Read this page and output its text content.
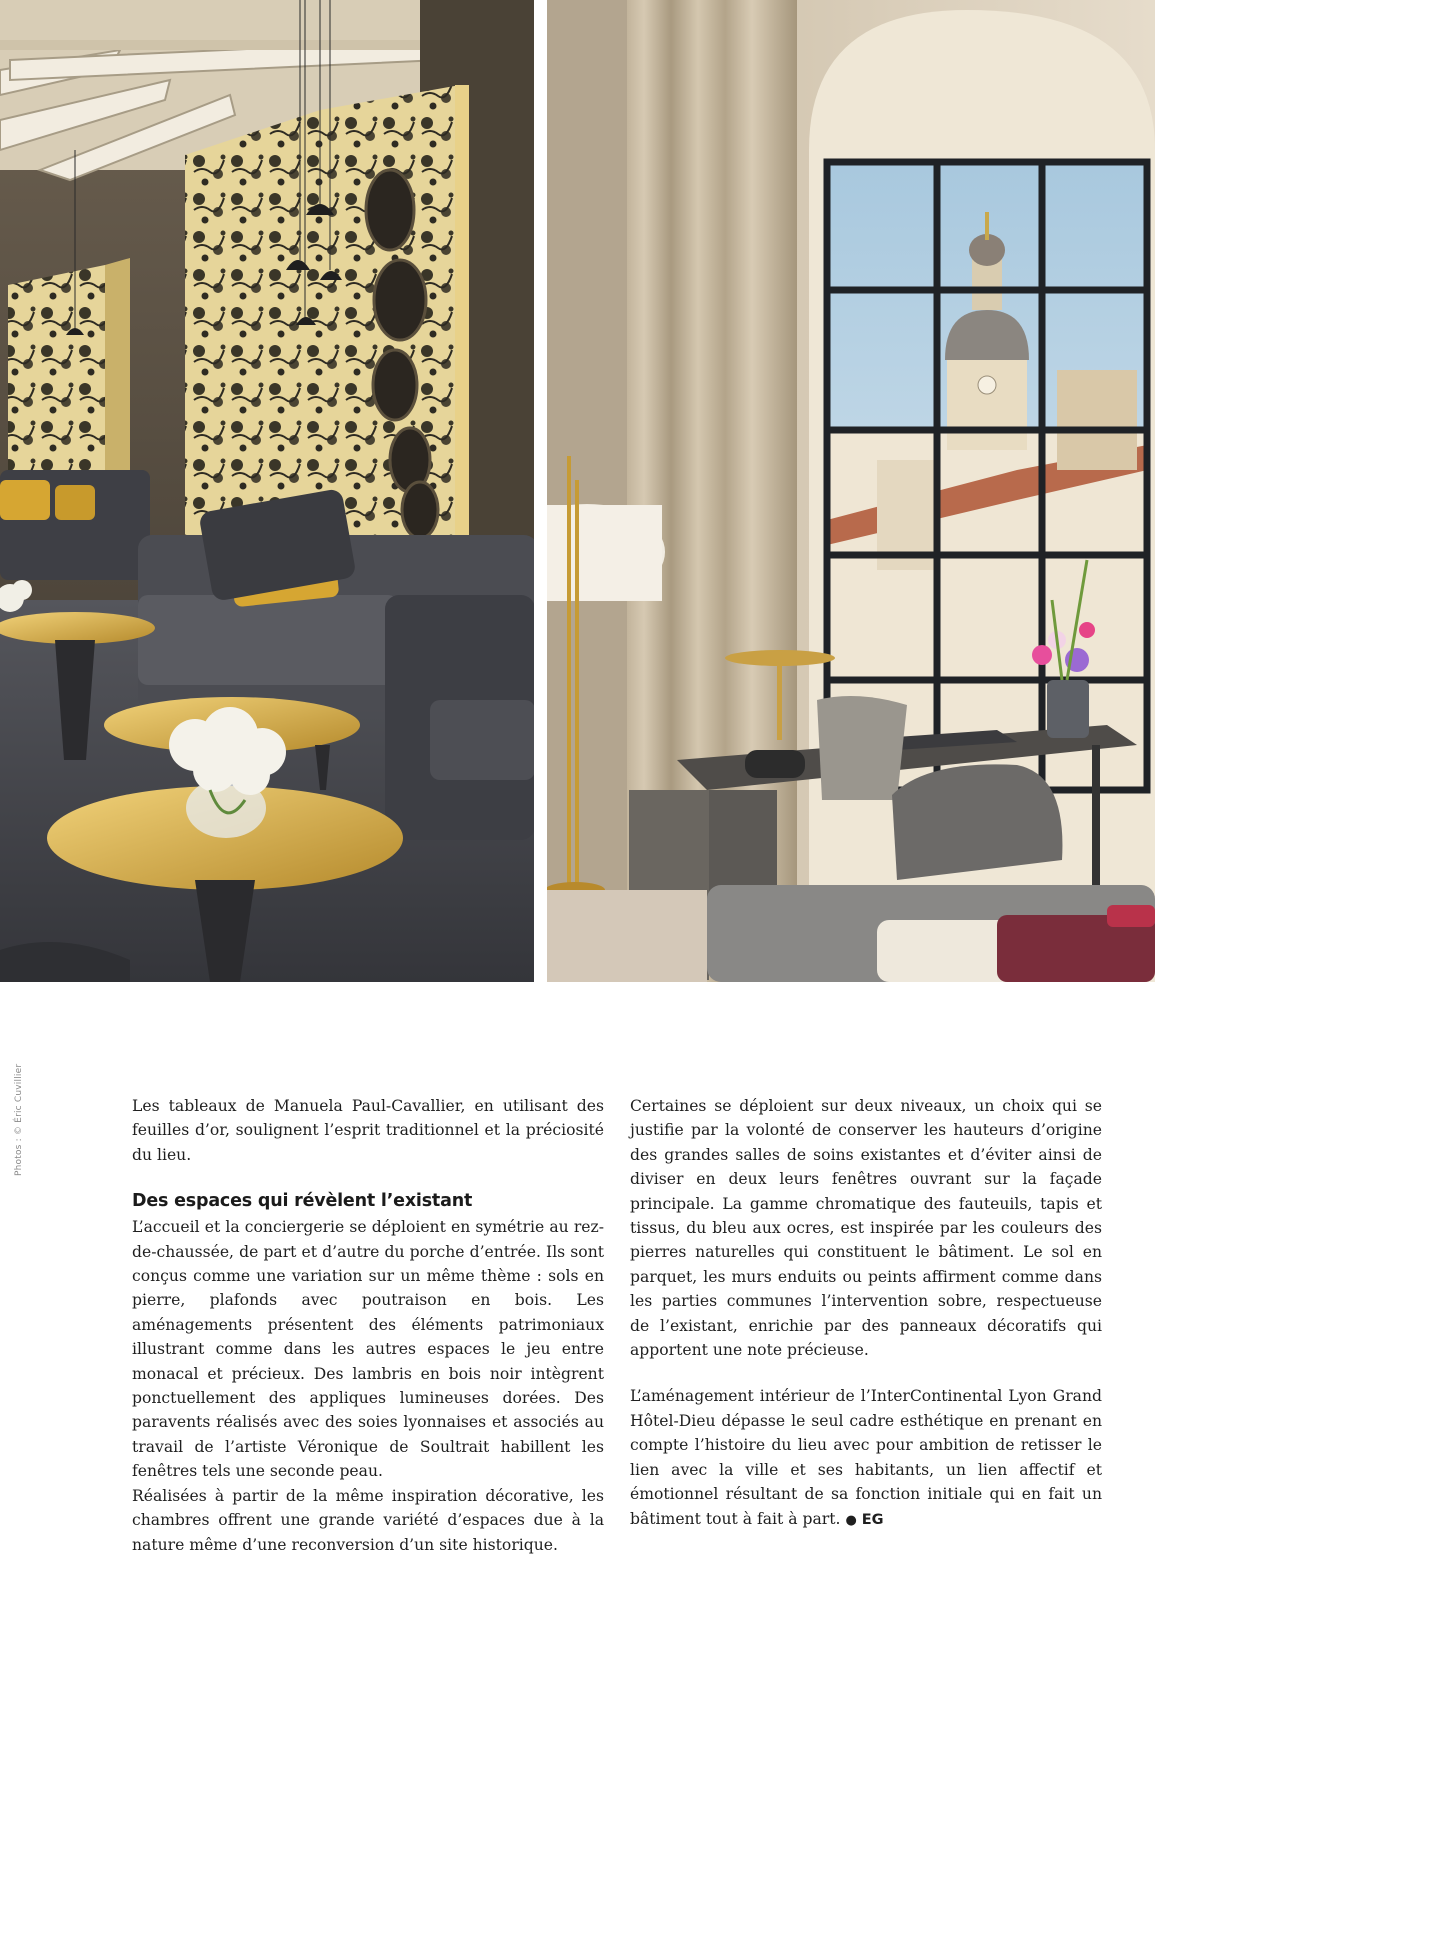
Photos : © Éric Cuvillier	Les tableaux de Manuela Paul-Cavallier, en utilisant des feuilles d’or, soulignent l’esprit traditionnel et la préciosité du lieu.

Des espaces qui révèlent l’existant

L’accueil et la conciergerie se déploient en symétrie au rez-de-chaussée, de part et d’autre du porche d’entrée. Ils sont conçus comme une variation sur un même thème : sols en pierre, plafonds avec poutraison en bois. Les aménagements présentent des éléments patrimoniaux illustrant comme dans les autres espaces le jeu entre monacal et précieux. Des lambris en bois noir intègrent ponctuellement des appliques lumineuses dorées. Des paravents réalisés avec des soies lyonnaises et associés au travail de l’artiste Véronique de Soultrait habillent les fenêtres tels une seconde peau.

Réalisées à partir de la même inspiration décorative, les chambres offrent une grande variété d’espaces due à la nature même d’une reconversion d’un site historique.

Certaines se déploient sur deux niveaux, un choix qui se justifie par la volonté de conserver les hauteurs d’origine des grandes salles de soins existantes et d’éviter ainsi de diviser en deux leurs fenêtres ouvrant sur la façade principale. La gamme chromatique des fauteuils, tapis et tissus, du bleu aux ocres, est inspirée par les couleurs des pierres naturelles qui constituent le bâtiment. Le sol en parquet, les murs enduits ou peints affirment comme dans les parties communes l’intervention sobre, respectueuse de l’existant, enrichie par des panneaux décoratifs qui apportent une note précieuse.

L’aménagement intérieur de l’InterContinental Lyon Grand Hôtel-Dieu dépasse le seul cadre esthétique en prenant en compte l’histoire du lieu avec pour ambition de retisser le lien avec la ville et ses habitants, un lien affectif et émotionnel résultant de sa fonction initiale qui en fait un bâtiment tout à fait à part. ● EG
